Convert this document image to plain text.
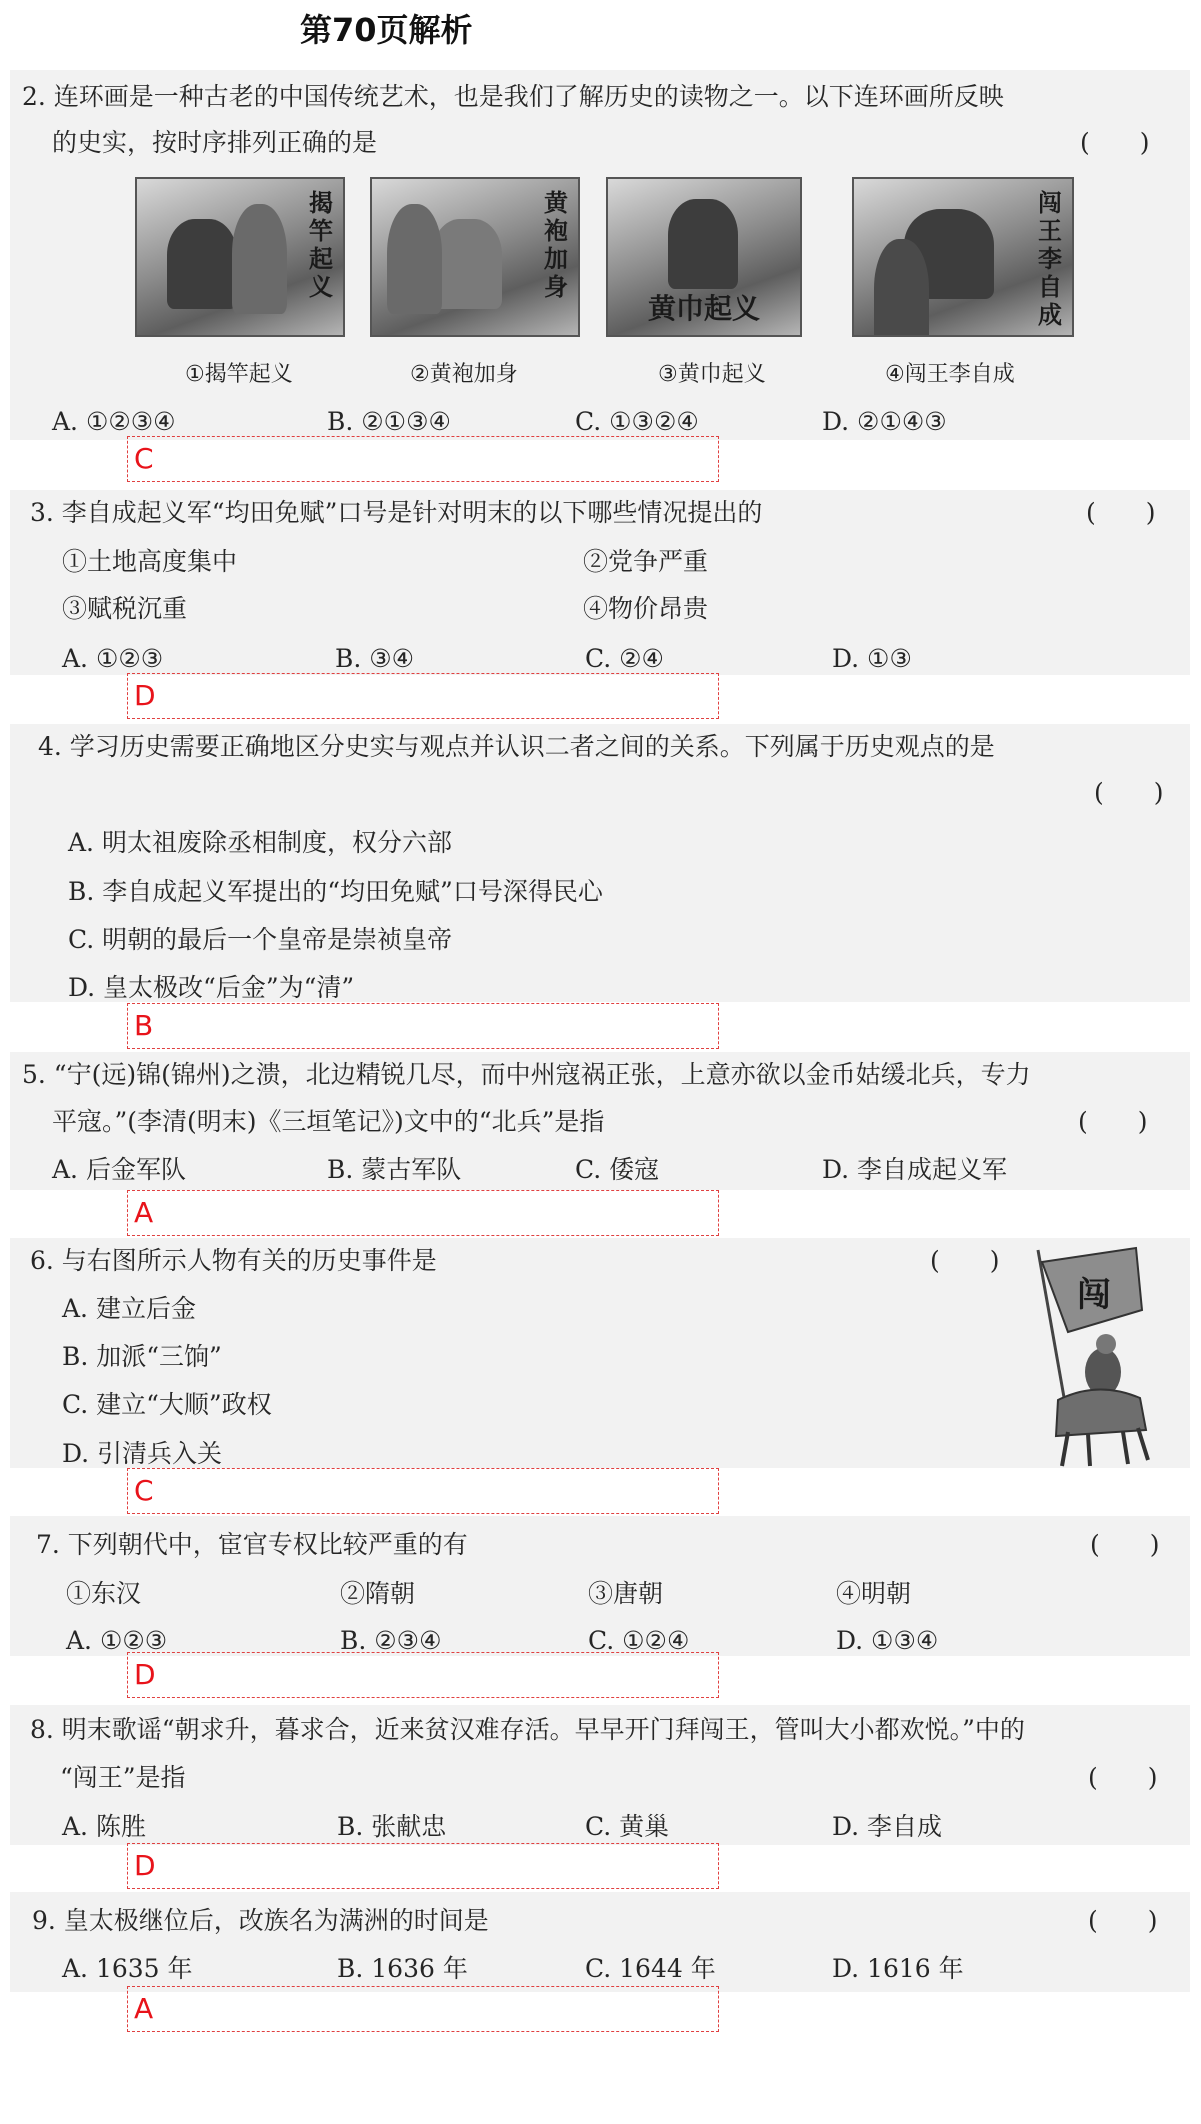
第70页解析
2. 连环画是一种古老的中国传统艺术，也是我们了解历史的读物之一。以下连环画所反映
的史实，按时序排列正确的是	(　　)
揭竿起义
黄袍加身
黄巾起义
闯王李自成
①揭竿起义	②黄袍加身	③黄巾起义	④闯王李自成
A. ①②③④	B. ②①③④	C. ①③②④	D. ②①④③
C
3. 李自成起义军“均田免赋”口号是针对明末的以下哪些情况提出的	(　　)
①土地高度集中	②党争严重
③赋税沉重	④物价昂贵
A. ①②③	B. ③④	C. ②④	D. ①③
D
4. 学习历史需要正确地区分史实与观点并认识二者之间的关系。下列属于历史观点的是
(　　)
A. 明太祖废除丞相制度，权分六部
B. 李自成起义军提出的“均田免赋”口号深得民心
C. 明朝的最后一个皇帝是崇祯皇帝
D. 皇太极改“后金”为“清”
B
5. “宁(远)锦(锦州)之溃，北边精锐几尽，而中州寇祸正张，上意亦欲以金币姑缓北兵，专力
平寇。”(李清(明末)《三垣笔记》)文中的“北兵”是指	(　　)
A. 后金军队	B. 蒙古军队	C. 倭寇	D. 李自成起义军
A
6. 与右图所示人物有关的历史事件是	(　　)
A. 建立后金
B. 加派“三饷”
C. 建立“大顺”政权
D. 引清兵入关
闯
C
7. 下列朝代中，宦官专权比较严重的有	(　　)
①东汉	②隋朝	③唐朝	④明朝
A. ①②③	B. ②③④	C. ①②④	D. ①③④
D
8. 明末歌谣“朝求升，暮求合，近来贫汉难存活。早早开门拜闯王，管叫大小都欢悦。”中的
“闯王”是指	(　　)
A. 陈胜	B. 张献忠	C. 黄巢	D. 李自成
D
9. 皇太极继位后，改族名为满洲的时间是	(　　)
A. 1635 年	B. 1636 年	C. 1644 年	D. 1616 年
A
